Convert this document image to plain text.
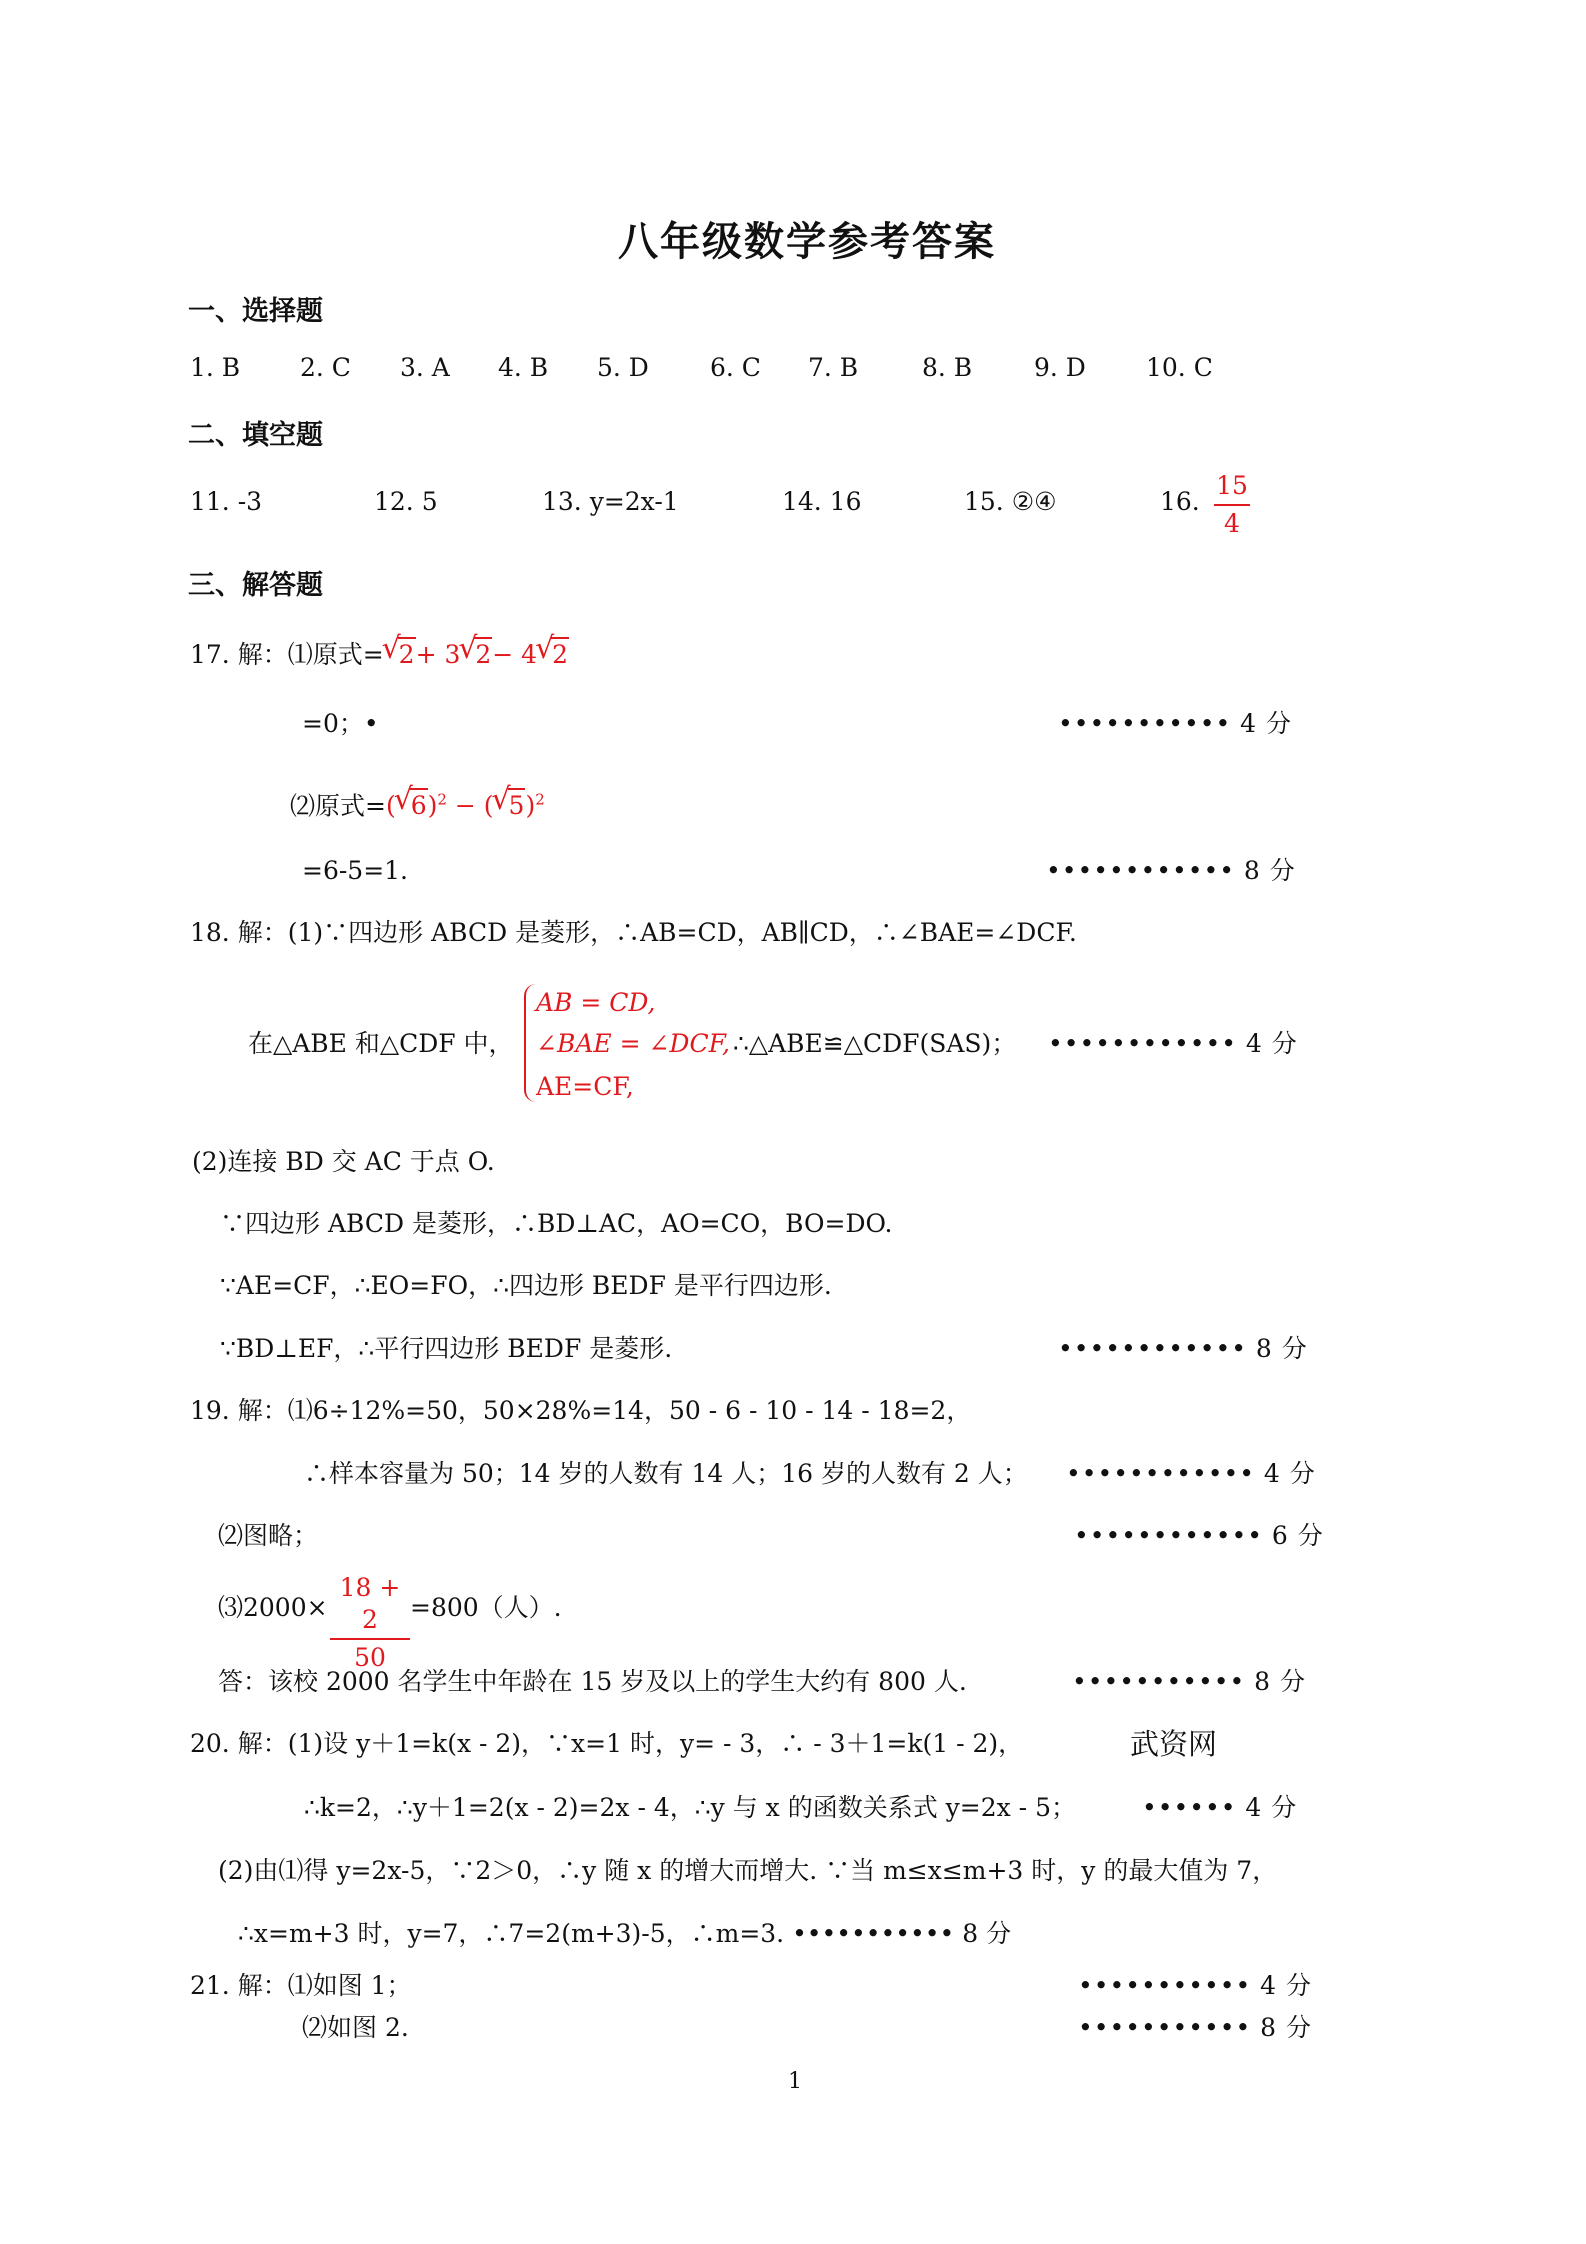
八年级数学参考答案
一、选择题
1. B 2. C 3. A 4. B 5. D 6. C 7. B	8. B 9. D 10. C
二、填空题
11. -3	12. 5	13. y=2x-1	14. 16	15. ②④	16.
15
4
三、解答题
17. 解：⑴原式= √ 2+ 3 √ 2− 4 √ 2
=0；•	••••••••••• 4 分
⑵原式=( √ 6)$^2$ − ( √ 5)$^2$
=6-5=1.	•••••••••••• 8 分
18. 解：(1)∵四边形 ABCD 是菱形，∴AB=CD，AB∥CD，∴∠BAE=∠DCF.
在△ABE 和△CDF 中，
AB = CD,
∠BAE = ∠DCF,
AE=CF,
∴△ABE≌△CDF(SAS)； •••••••••••• 4 分
(2)连接 BD 交 AC 于点 O.
∵四边形 ABCD 是菱形，∴BD⊥AC，AO=CO，BO=DO.
∵AE=CF，∴EO=FO，∴四边形 BEDF 是平行四边形.
∵BD⊥EF，∴平行四边形 BEDF 是菱形.	•••••••••••• 8 分
19. 解：⑴6÷12%=50，50×28%=14，50 - 6 - 10 - 14 - 18=2，
∴样本容量为 50；14 岁的人数有 14 人；16 岁的人数有 2 人； •••••••••••• 4 分
⑵图略；	•••••••••••• 6 分
⑶2000×
18 + 2
50
=800（人）.
答：该校 2000 名学生中年龄在 15 岁及以上的学生大约有 800 人.	••••••••••• 8 分
20. 解：(1)设 y＋1=k(x - 2)，∵x=1 时，y= - 3，∴ - 3＋1=k(1 - 2)，	武资网
∴k=2，∴y＋1=2(x - 2)=2x - 4，∴y 与 x 的函数关系式 y=2x - 5；	•••••• 4 分
(2)由⑴得 y=2x-5，∵2＞0，∴y 随 x 的增大而增大. ∵当 m≤x≤m+3 时，y 的最大值为 7，
∴x=m+3 时，y=7，∴7=2(m+3)-5，∴m=3. ••••••••••• 8 分
21. 解：⑴如图 1；	••••••••••• 4 分
⑵如图 2.	••••••••••• 8 分
1
